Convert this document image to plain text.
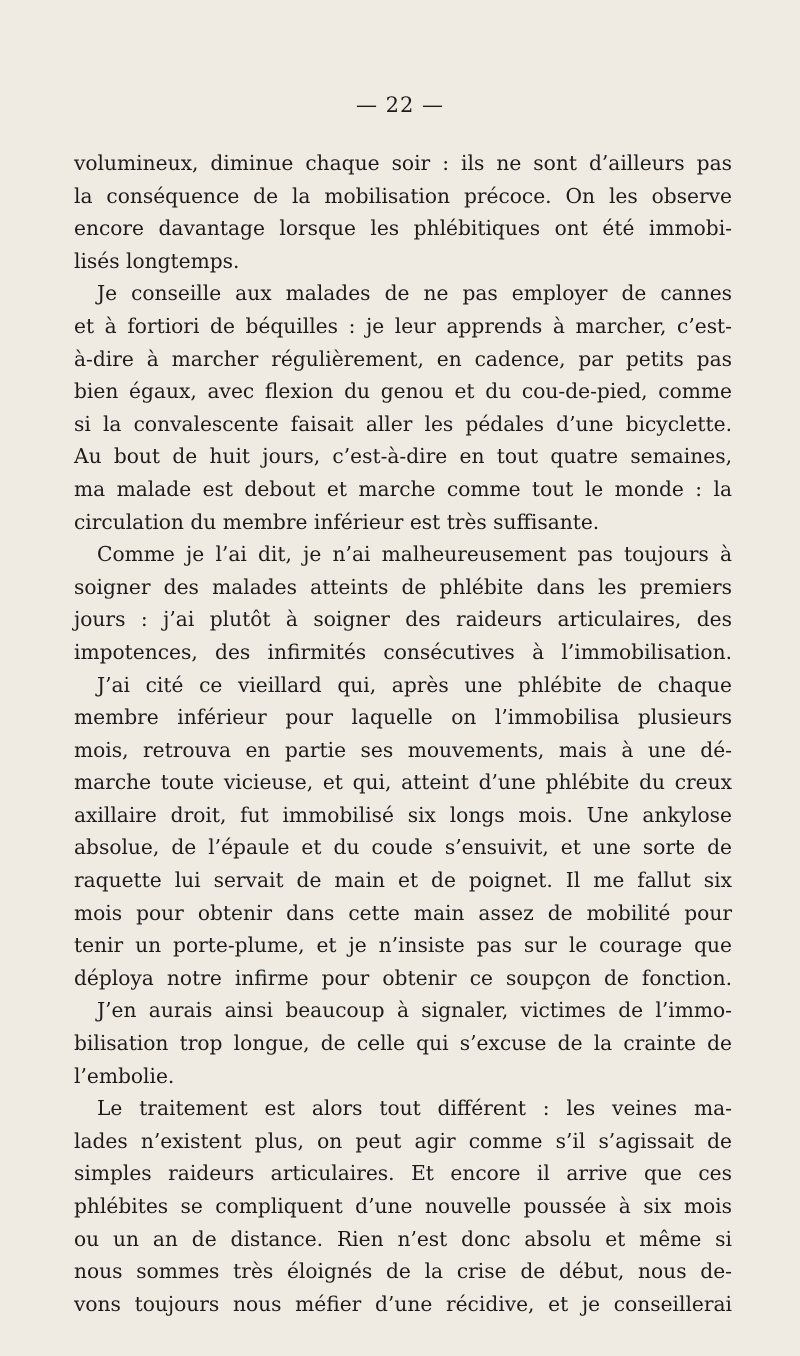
— 22 —
volumineux, diminue chaque soir : ils ne sont d’ailleurs pas
la conséquence de la mobilisation précoce. On les observe
encore davantage lorsque les phlébitiques ont été immobi-
lisés longtemps.
Je conseille aux malades de ne pas employer de cannes
et à fortiori de béquilles : je leur apprends à marcher, c’est-
à-dire à marcher régulièrement, en cadence, par petits pas
bien égaux, avec flexion du genou et du cou-de-pied, comme
si la convalescente faisait aller les pédales d’une bicyclette.
Au bout de huit jours, c’est-à-dire en tout quatre semaines,
ma malade est debout et marche comme tout le monde : la
circulation du membre inférieur est très suffisante.
Comme je l’ai dit, je n’ai malheureusement pas toujours à
soigner des malades atteints de phlébite dans les premiers
jours : j’ai plutôt à soigner des raideurs articulaires, des
impotences, des infirmités consécutives à l’immobilisation.
J’ai cité ce vieillard qui, après une phlébite de chaque
membre inférieur pour laquelle on l’immobilisa plusieurs
mois, retrouva en partie ses mouvements, mais à une dé-
marche toute vicieuse, et qui, atteint d’une phlébite du creux
axillaire droit, fut immobilisé six longs mois. Une ankylose
absolue, de l’épaule et du coude s’ensuivit, et une sorte de
raquette lui servait de main et de poignet. Il me fallut six
mois pour obtenir dans cette main assez de mobilité pour
tenir un porte-plume, et je n’insiste pas sur le courage que
déploya notre infirme pour obtenir ce soupçon de fonction.
J’en aurais ainsi beaucoup à signaler, victimes de l’immo-
bilisation trop longue, de celle qui s’excuse de la crainte de
l’embolie.
Le traitement est alors tout différent : les veines ma-
lades n’existent plus, on peut agir comme s’il s’agissait de
simples raideurs articulaires. Et encore il arrive que ces
phlébites se compliquent d’une nouvelle poussée à six mois
ou un an de distance. Rien n’est donc absolu et même si
nous sommes très éloignés de la crise de début, nous de-
vons toujours nous méfier d’une récidive, et je conseillerai
